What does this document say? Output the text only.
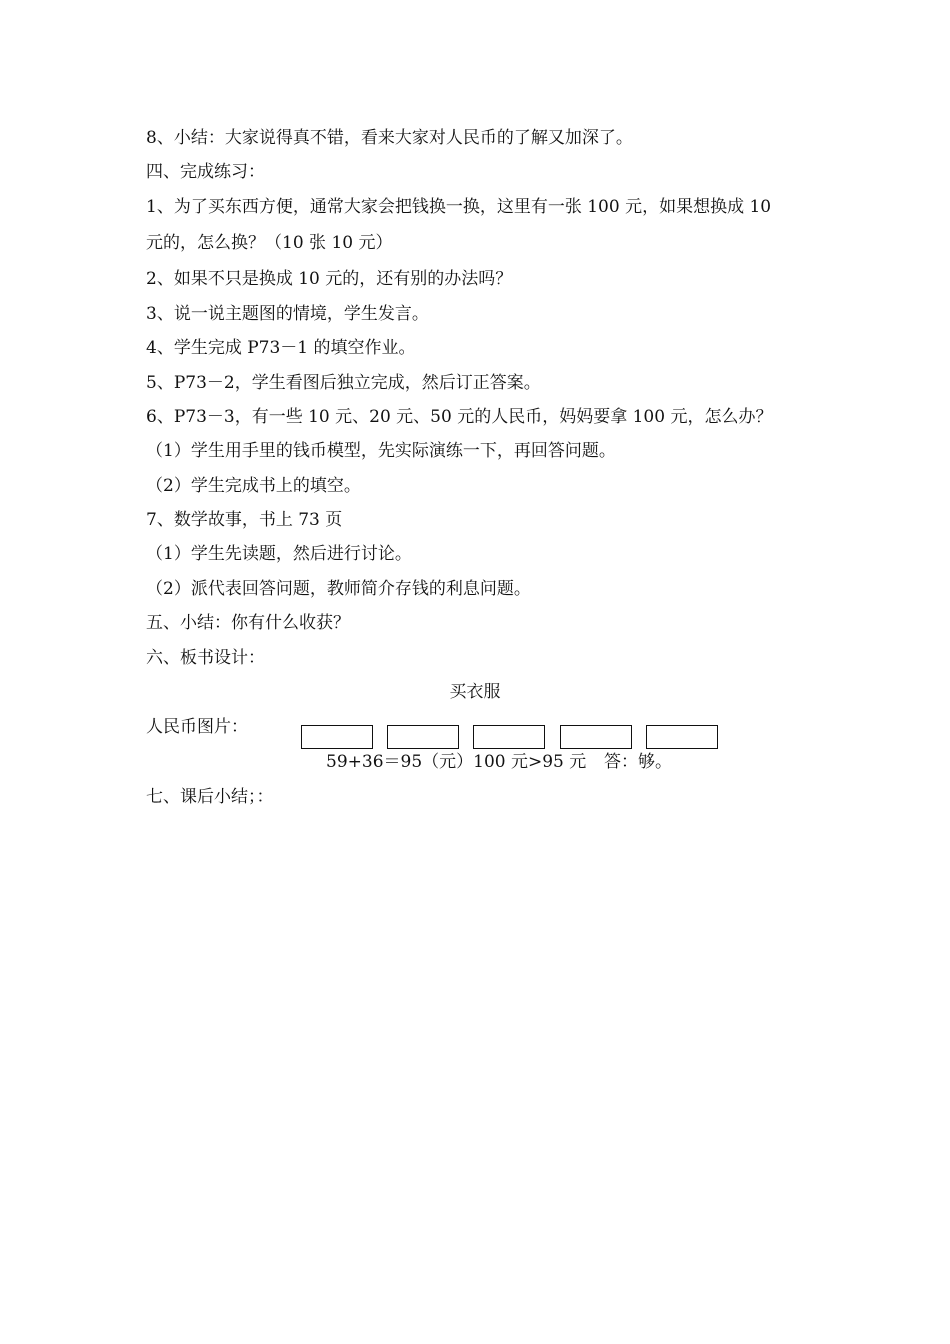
8、小结：大家说得真不错，看来大家对人民币的了解又加深了。
四、完成练习：
1、为了买东西方便，通常大家会把钱换一换，这里有一张 100 元，如果想换成 10
元的，怎么换？（10 张 10 元）
2、如果不只是换成 10 元的，还有别的办法吗？
3、说一说主题图的情境，学生发言。
4、学生完成 P73－1 的填空作业。
5、P73－2，学生看图后独立完成，然后订正答案。
6、P73－3，有一些 10 元、20 元、50 元的人民币，妈妈要拿 100 元，怎么办？
（1）学生用手里的钱币模型，先实际演练一下，再回答问题。
（2）学生完成书上的填空。
7、数学故事，书上 73 页
（1）学生先读题，然后进行讨论。
（2）派代表回答问题，教师简介存钱的利息问题。
五、小结：你有什么收获？
六、板书设计：
买衣服
人民币图片：
59+36＝95（元）100 元>95 元 答：够。
七、课后小结；：
